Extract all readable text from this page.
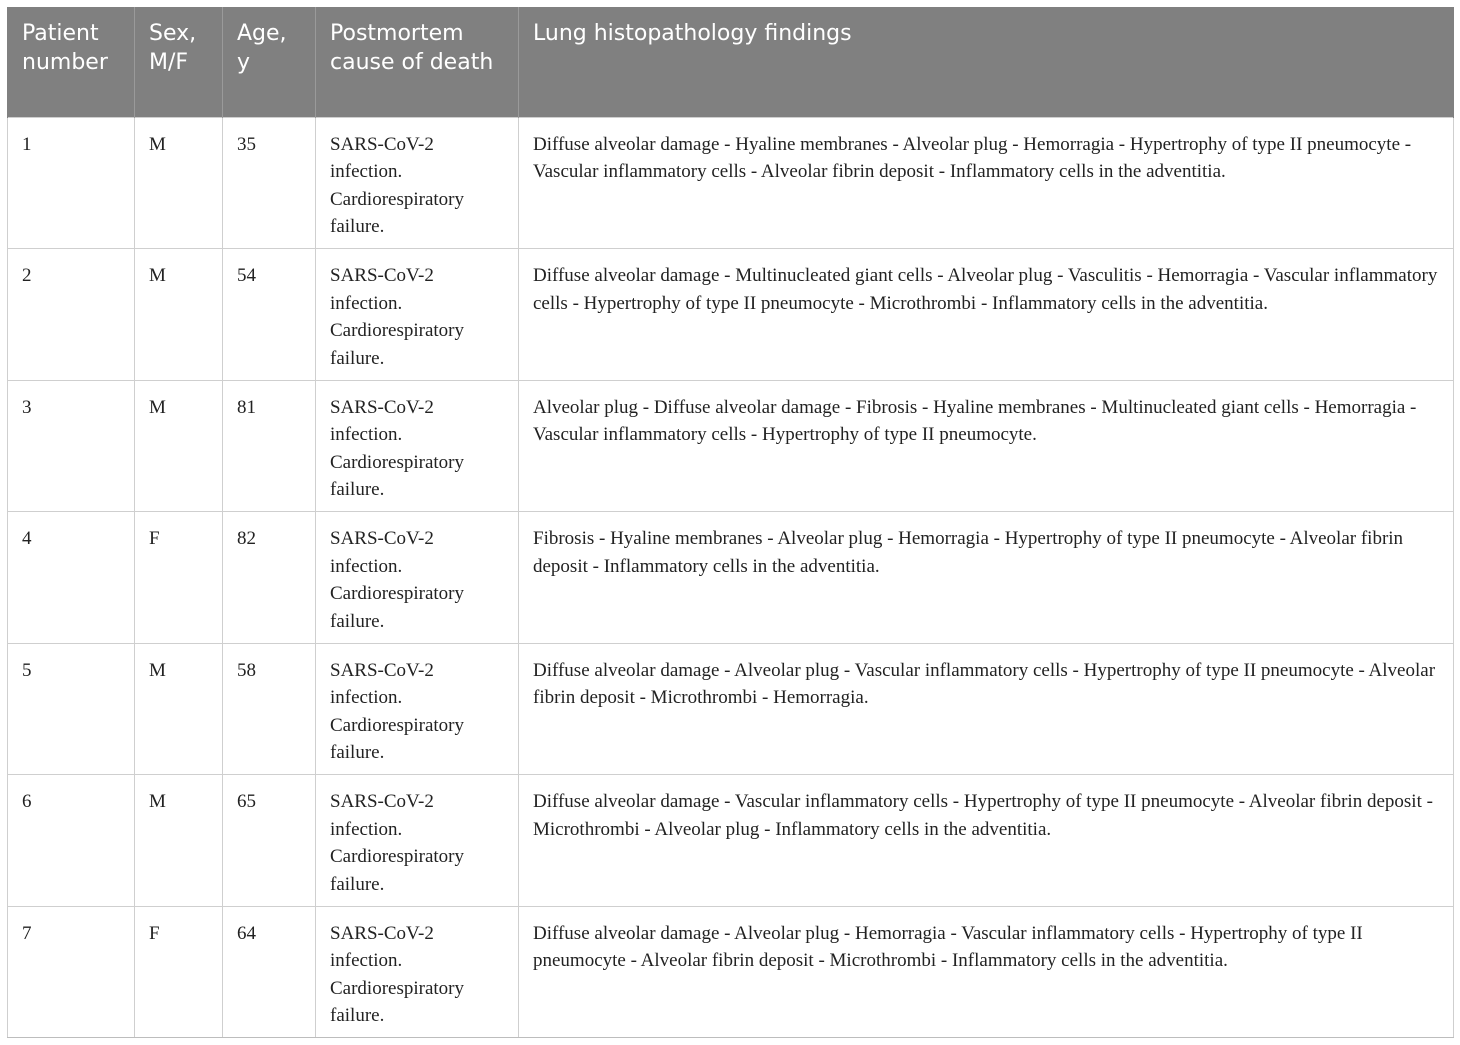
Patient number	Sex, M/F	Age, y	Postmortem cause of death	Lung histopathology findings
1	M	35	SARS-CoV-2 infection. Cardiorespiratory failure.	Diffuse alveolar damage - Hyaline membranes - Alveolar plug - Hemorragia - Hypertrophy of type II pneumocyte - Vascular inflammatory cells - Alveolar fibrin deposit - Inflammatory cells in the adventitia.
2	M	54	SARS-CoV-2 infection. Cardiorespiratory failure.	Diffuse alveolar damage - Multinucleated giant cells - Alveolar plug - Vasculitis - Hemorragia - Vascular inflammatory cells - Hypertrophy of type II pneumocyte - Microthrombi - Inflammatory cells in the adventitia.
3	M	81	SARS-CoV-2 infection. Cardiorespiratory failure.	Alveolar plug - Diffuse alveolar damage - Fibrosis - Hyaline membranes - Multinucleated giant cells - Hemorragia - Vascular inflammatory cells - Hypertrophy of type II pneumocyte.
4	F	82	SARS-CoV-2 infection. Cardiorespiratory failure.	Fibrosis - Hyaline membranes - Alveolar plug - Hemorragia - Hypertrophy of type II pneumocyte - Alveolar fibrin deposit - Inflammatory cells in the adventitia.
5	M	58	SARS-CoV-2 infection. Cardiorespiratory failure.	Diffuse alveolar damage - Alveolar plug - Vascular inflammatory cells - Hypertrophy of type II pneumocyte - Alveolar fibrin deposit - Microthrombi - Hemorragia.
6	M	65	SARS-CoV-2 infection. Cardiorespiratory failure.	Diffuse alveolar damage - Vascular inflammatory cells - Hypertrophy of type II pneumocyte - Alveolar fibrin deposit - Microthrombi - Alveolar plug - Inflammatory cells in the adventitia.
7	F	64	SARS-CoV-2 infection. Cardiorespiratory failure.	Diffuse alveolar damage - Alveolar plug - Hemorragia - Vascular inflammatory cells - Hypertrophy of type II pneumocyte - Alveolar fibrin deposit - Microthrombi - Inflammatory cells in the adventitia.
